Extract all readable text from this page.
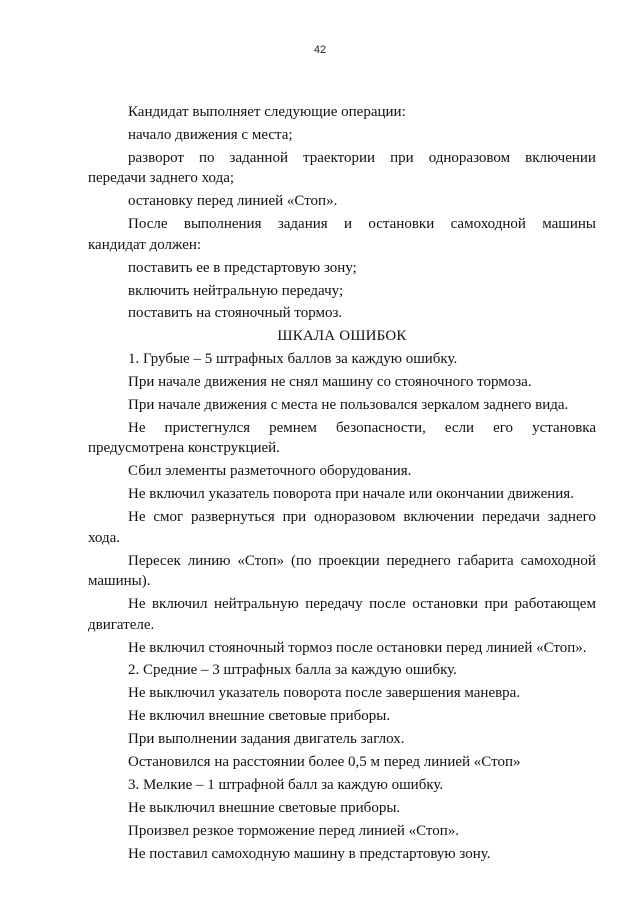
42
Кандидат выполняет следующие операции:
начало движения с места;
разворот по заданной траектории при одноразовом включении
передачи заднего хода;
остановку перед линией «Стоп».
После выполнения задания и остановки самоходной машины
кандидат должен:
поставить ее в предстартовую зону;
включить нейтральную передачу;
поставить на стояночный тормоз.
ШКАЛА ОШИБОК
1. Грубые – 5 штрафных баллов за каждую ошибку.
При начале движения не снял машину со стояночного тормоза.
При начале движения с места не пользовался зеркалом заднего вида.
Не пристегнулся ремнем безопасности, если его установка
предусмотрена конструкцией.
Сбил элементы разметочного оборудования.
Не включил указатель поворота при начале или окончании движения.
Не смог развернуться при одноразовом включении передачи заднего
хода.
Пересек линию «Стоп» (по проекции переднего габарита самоходной
машины).
Не включил нейтральную передачу после остановки при работающем
двигателе.
Не включил стояночный тормоз после остановки перед линией «Стоп».
2. Средние – 3 штрафных балла за каждую ошибку.
Не выключил указатель поворота после завершения маневра.
Не включил внешние световые приборы.
При выполнении задания двигатель заглох.
Остановился на расстоянии более 0,5 м перед линией «Стоп»
3. Мелкие – 1 штрафной балл за каждую ошибку.
Не выключил внешние световые приборы.
Произвел резкое торможение перед линией «Стоп».
Не поставил самоходную машину в предстартовую зону.
